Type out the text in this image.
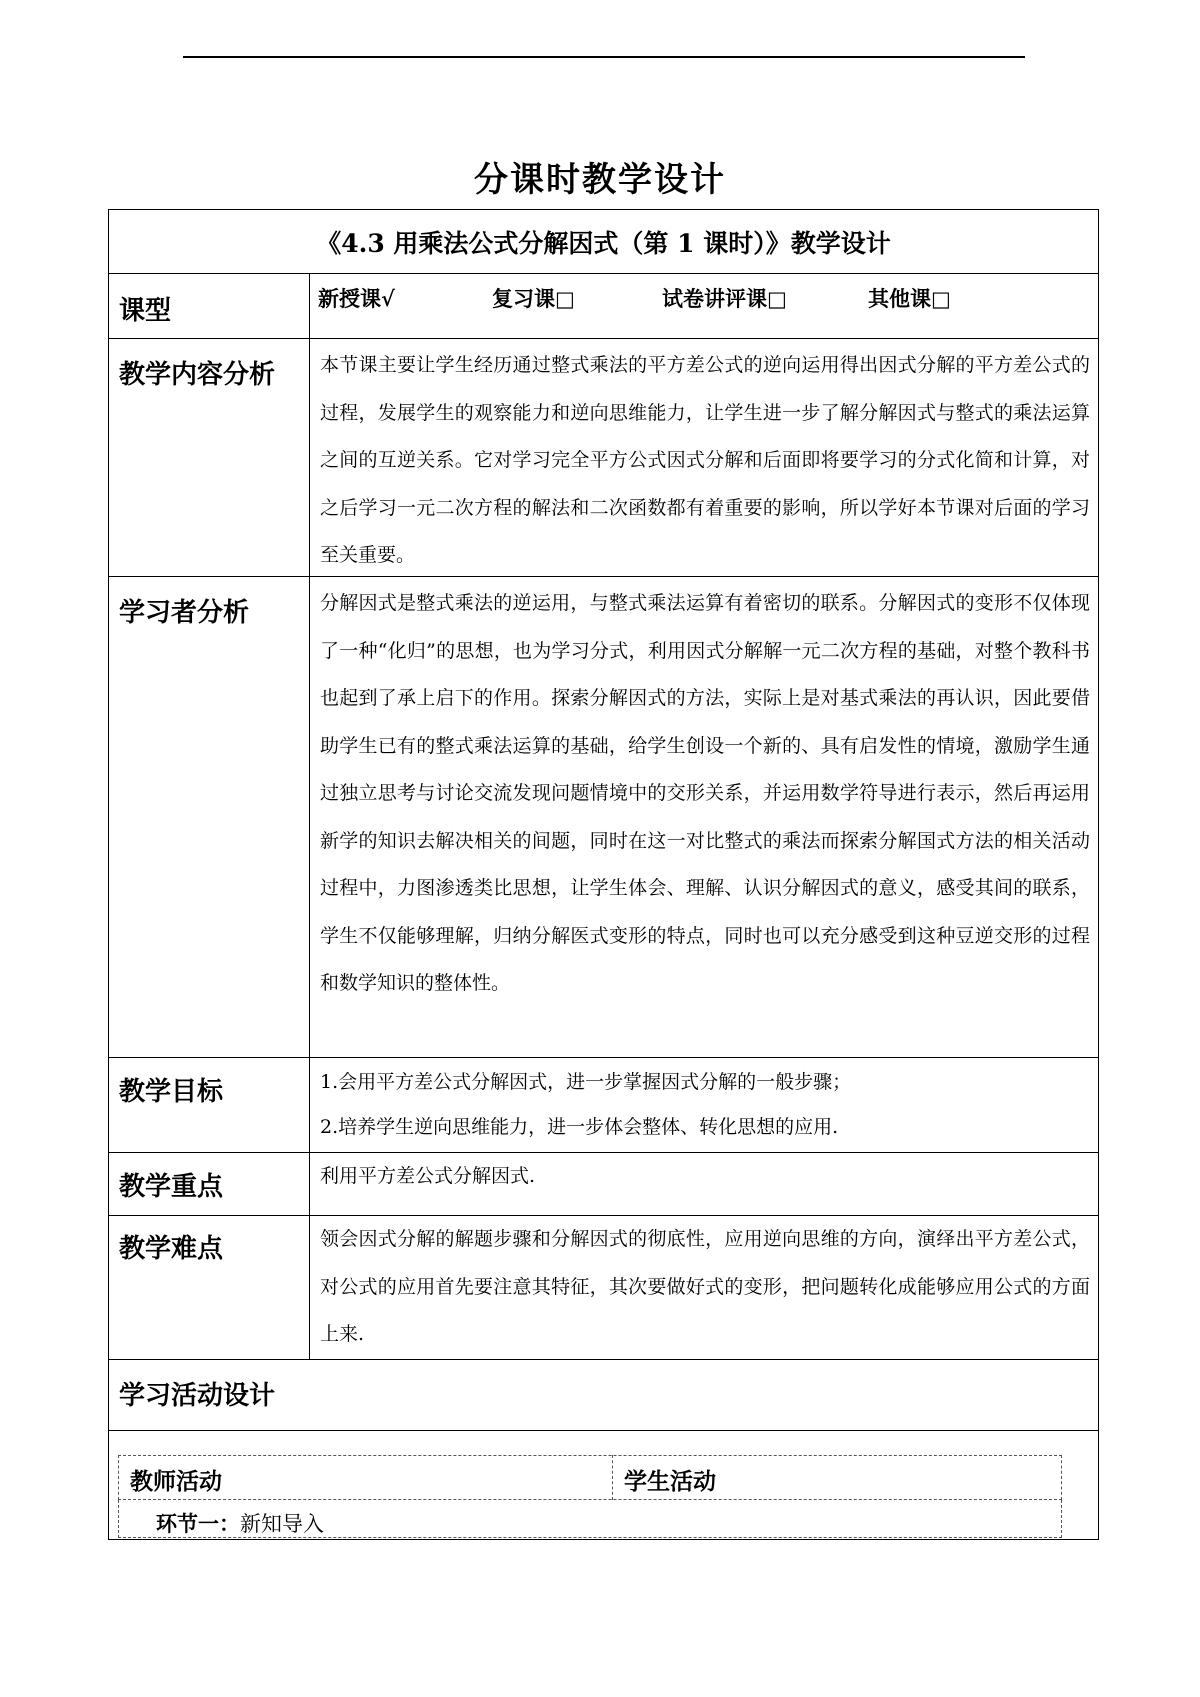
分课时教学设计
《4.3 用乘法公式分解因式（第 1 课时）》教学设计
课型	新授课√	复习课□	试卷讲评课□	其他课□
教学内容分析 本节课主要让学生经历通过整式乘法的平方差公式的逆向运用得出因式分解的平方差公式的过程，发展学生的观察能力和逆向思维能力，让学生进一步了解分解因式与整式的乘法运算之间的互逆关系。它对学习完全平方公式因式分解和后面即将要学习的分式化简和计算，对之后学习一元二次方程的解法和二次函数都有着重要的影响，所以学好本节课对后面的学习至关重要。
学习者分析	分解因式是整式乘法的逆运用，与整式乘法运算有着密切的联系。分解因式的变形不仅体现了一种“化归”的思想，也为学习分式，利用因式分解解一元二次方程的基础，对整个教科书也起到了承上启下的作用。探索分解因式的方法，实际上是对基式乘法的再认识，因此要借助学生已有的整式乘法运算的基础，给学生创设一个新的、具有启发性的情境，激励学生通过独立思考与讨论交流发现问题情境中的交形关系，并运用数学符导进行表示，然后再运用新学的知识去解决相关的间题，同时在这一对比整式的乘法而探索分解国式方法的相关活动过程中，力图渗透类比思想，让学生体会、理解、认识分解因式的意义，感受其间的联系，学生不仅能够理解，归纳分解医式变形的特点，同时也可以充分感受到这种豆逆交形的过程和数学知识的整体性。
教学目标	1.会用平方差公式分解因式，进一步掌握因式分解的一般步骤；
2.培养学生逆向思维能力，进一步体会整体、转化思想的应用.
教学重点	利用平方差公式分解因式.
教学难点	领会因式分解的解题步骤和分解因式的彻底性，应用逆向思维的方向，演绎出平方差公式，对公式的应用首先要注意其特征，其次要做好式的变形，把问题转化成能够应用公式的方面上来.
学习活动设计
教师活动	学生活动
环节一：新知导入
